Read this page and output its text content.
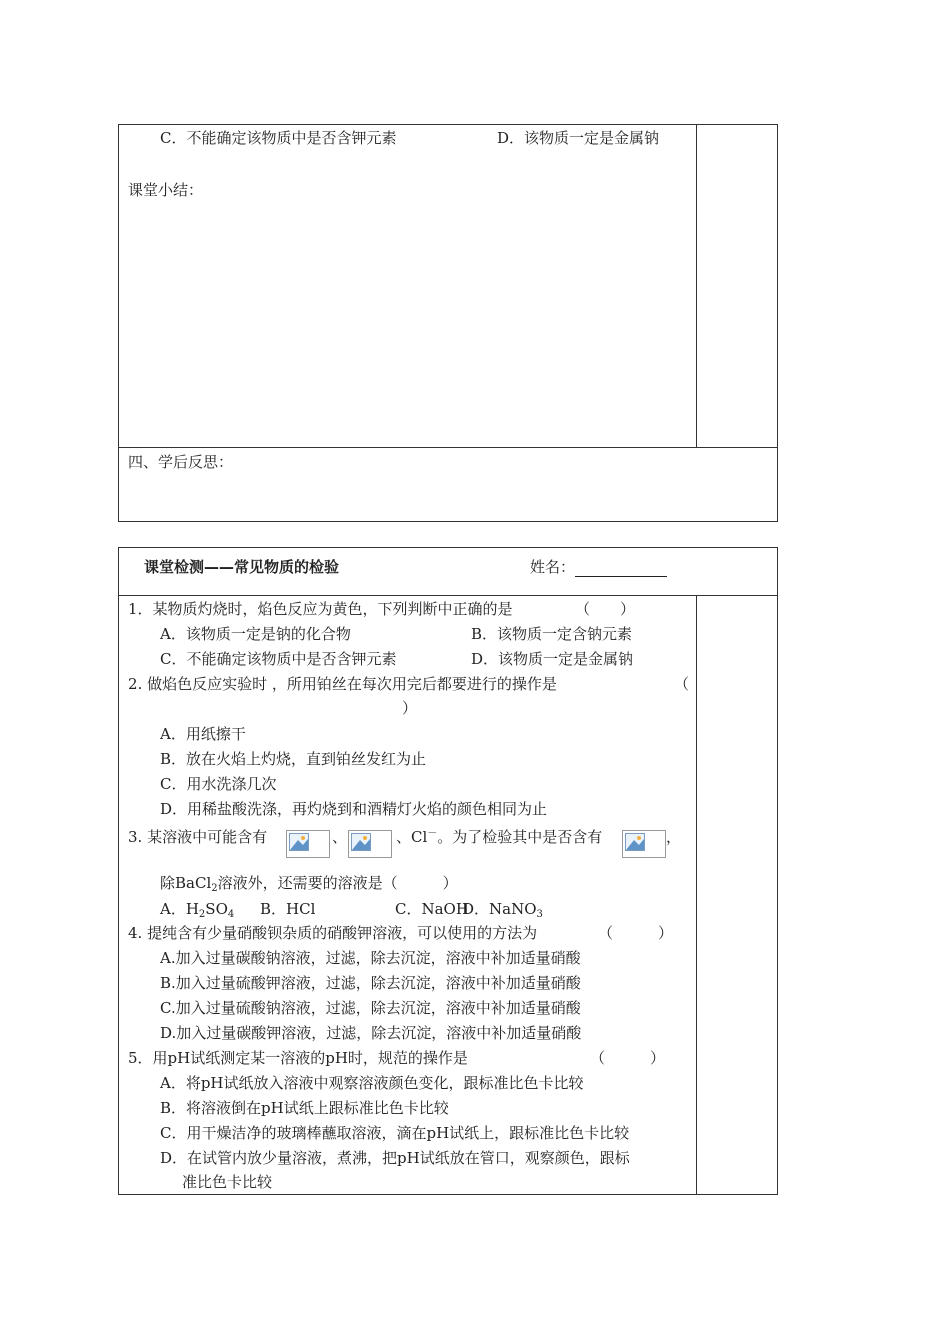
C．不能确定该物质中是否含钾元素	D．该物质一定是金属钠
课堂小结：
四、学后反思：
课堂检测——常见物质的检验	姓名：
1．某物质灼烧时，焰色反应为黄色，下列判断中正确的是	（　　）
A．该物质一定是钠的化合物	B．该物质一定含钠元素
C．不能确定该物质中是否含钾元素	D．该物质一定是金属钠
2. 做焰色反应实验时 ，所用铂丝在每次用完后都要进行的操作是	（
）
A．用纸擦干
B．放在火焰上灼烧，直到铂丝发红为止
C．用水洗涤几次
D．用稀盐酸洗涤，再灼烧到和酒精灯火焰的颜色相同为止
3. 某溶液中可能含有	、	、Cl－。为了检验其中是否含有	，
除BaCl$_2$溶液外，还需要的溶液是（　　　）
A．$H_2SO_4$ B．HCl	C．NaOH
D．NaNO$_3$
4. 提纯含有少量硝酸钡杂质的硝酸钾溶液，可以使用的方法为	（　　　）
A.加入过量碳酸钠溶液，过滤，除去沉淀，溶液中补加适量硝酸
B.加入过量硫酸钾溶液，过滤，除去沉淀，溶液中补加适量硝酸
C.加入过量硫酸钠溶液，过滤，除去沉淀，溶液中补加适量硝酸
D.加入过量碳酸钾溶液，过滤，除去沉淀，溶液中补加适量硝酸
5．用pH试纸测定某一溶液的pH时，规范的操作是	（　　　）
A．将pH试纸放入溶液中观察溶液颜色变化，跟标准比色卡比较
B．将溶液倒在pH试纸上跟标准比色卡比较
C．用干燥洁净的玻璃棒蘸取溶液，滴在pH试纸上，跟标准比色卡比较
D．在试管内放少量溶液，煮沸，把pH试纸放在管口，观察颜色，跟标
准比色卡比较
